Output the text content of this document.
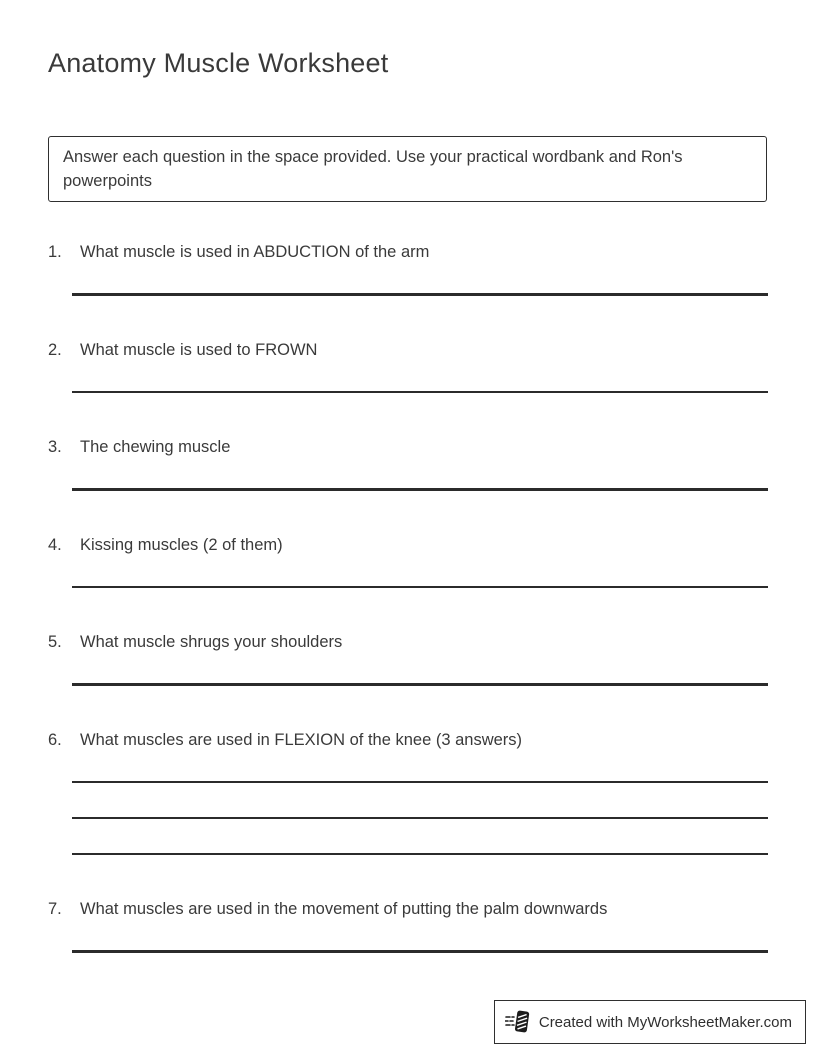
Anatomy Muscle Worksheet
Answer each question in the space provided. Use your practical wordbank and Ron's powerpoints
1.	What muscle is used in ABDUCTION of the arm
2.	What muscle is used to FROWN
3.	The chewing muscle
4.	Kissing muscles (2 of them)
5.	What muscle shrugs your shoulders
6.	What muscles are used in FLEXION of the knee (3 answers)
7.	What muscles are used in the movement of putting the palm downwards
Created with MyWorksheetMaker.com
